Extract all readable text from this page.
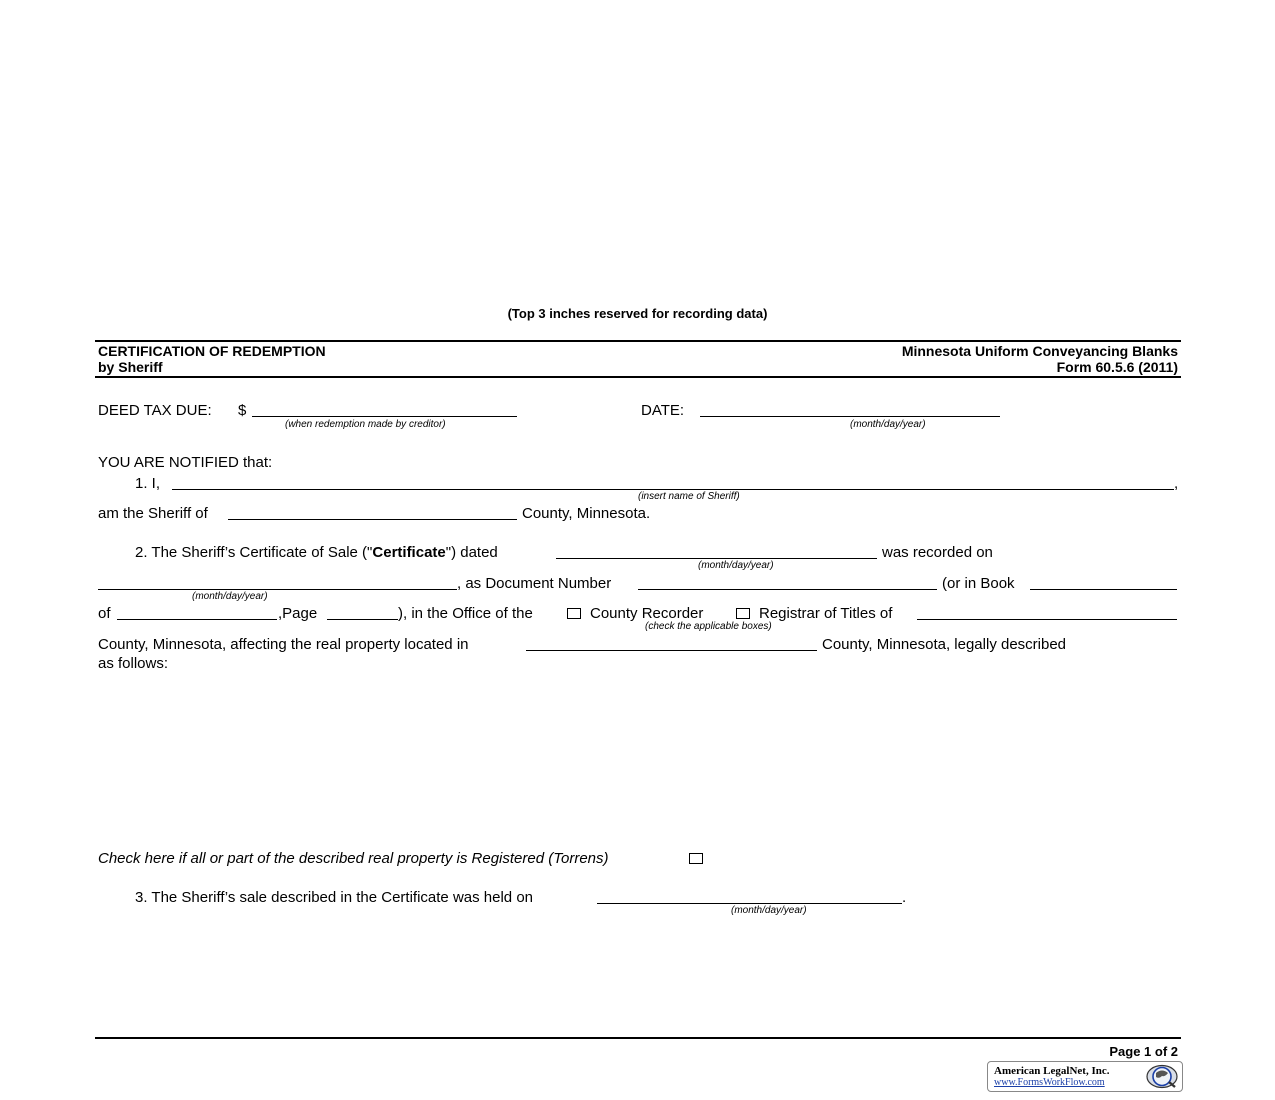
(Top 3 inches reserved for recording data)
CERTIFICATION OF REDEMPTION
by Sheriff
Minnesota Uniform Conveyancing Blanks
Form 60.5.6 (2011)
DEED TAX DUE: $
(when redemption made by creditor)
DATE:
(month/day/year)
YOU ARE NOTIFIED that:
1. I,	,
(insert name of Sheriff)
am the Sheriff of	County, Minnesota.
2. The Sheriff’s Certificate of Sale ("Certificate") dated	was recorded on
(month/day/year)
, as Document Number	(or in Book
(month/day/year)
of	,Page	), in the Office of the	County Recorder	Registrar of Titles of
(check the applicable boxes)
County, Minnesota, affecting the real property located in	County, Minnesota, legally described
as follows:
Check here if all or part of the described real property is Registered (Torrens)
3. The Sheriff’s sale described in the Certificate was held on	.
(month/day/year)
Page 1 of 2
American LegalNet, Inc.
www.FormsWorkFlow.com
